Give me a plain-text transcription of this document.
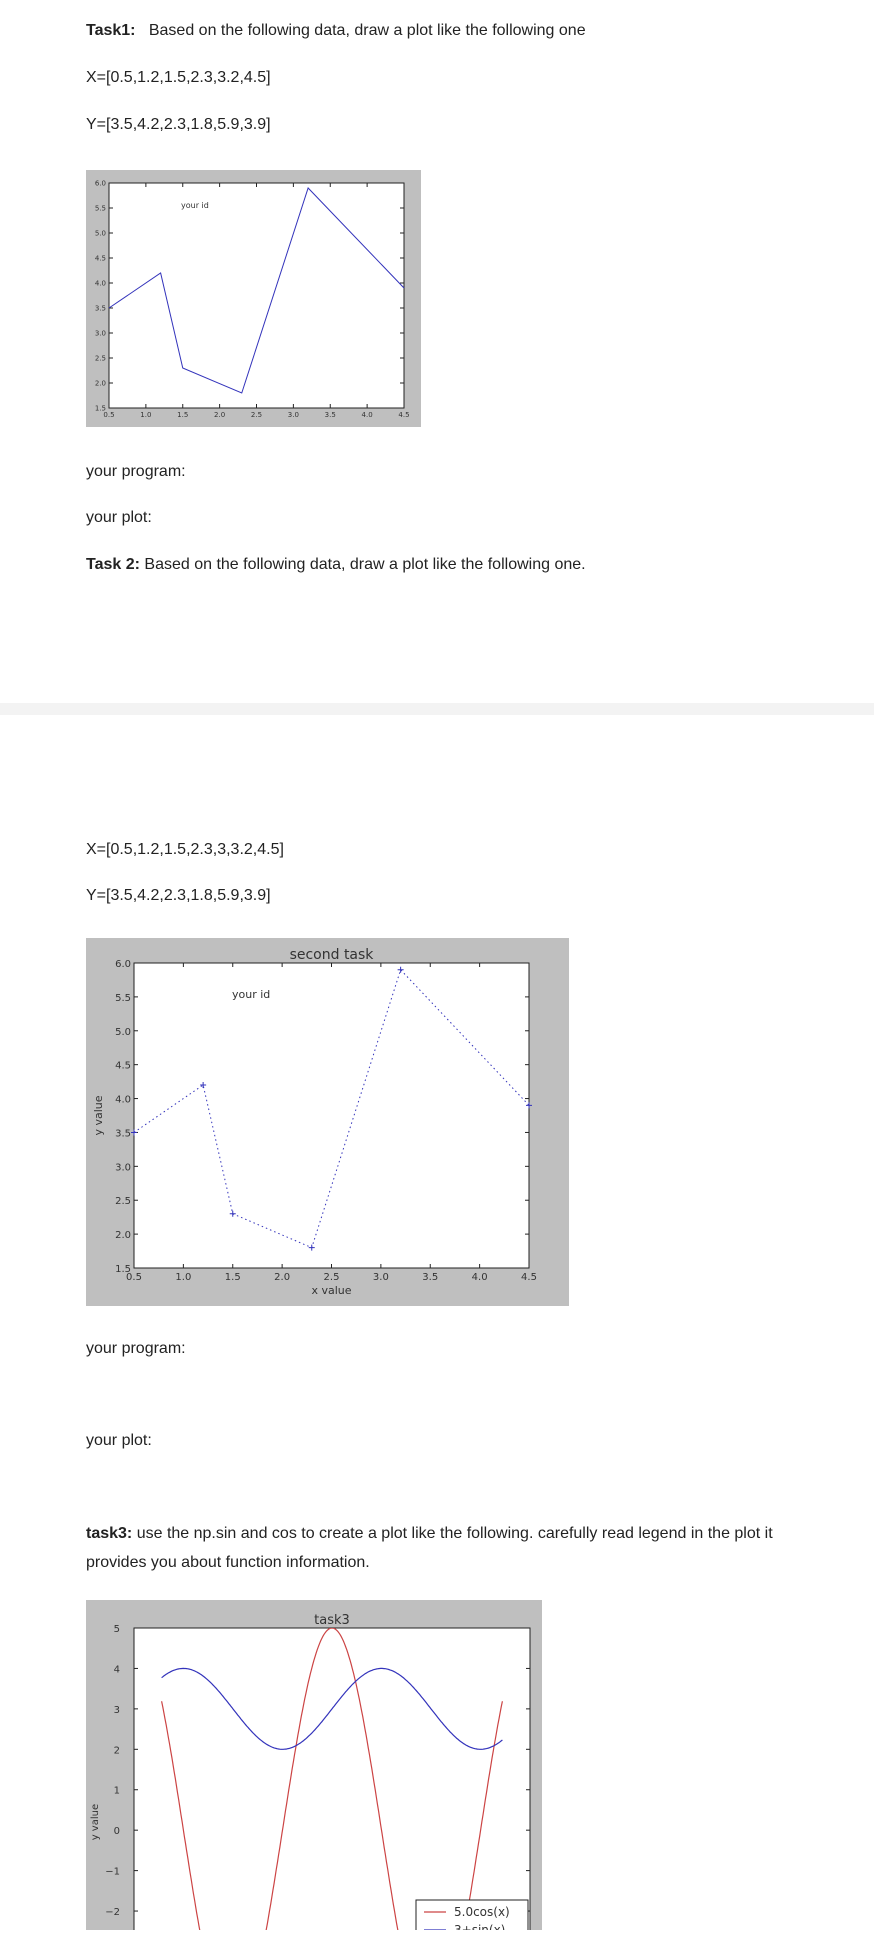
Task1: Based on the following data, draw a plot like the following one
X=[0.5,1.2,1.5,2.3,3.2,4.5]
Y=[3.5,4.2,2.3,1.8,5.9,3.9]
0.5	1.0	1.5	2.0	2.5	3.0	3.5	4.0	4.5
1.5
2.0
2.5
3.0
3.5
4.0
4.5
5.0
5.5
6.0
your id
your program:
your plot:
Task 2: Based on the following data, draw a plot like the following one.
X=[0.5,1.2,1.5,2.3,3,3.2,4.5]
Y=[3.5,4.2,2.3,1.8,5.9,3.9]
0.5	1.0	1.5	2.0	2.5	3.0	3.5	4.0	4.5
1.5
2.0
2.5
3.0
3.5
4.0
4.5
5.0
5.5
6.0
your id
second task
x value
y value
your program:
your plot:
task3: use the np.sin and cos to create a plot like the following. carefully read legend in the plot it provides you about function information.
5
4
3
2
1
0
−1
−2
task3
y value
5.0cos(x)
3+sin(x)
